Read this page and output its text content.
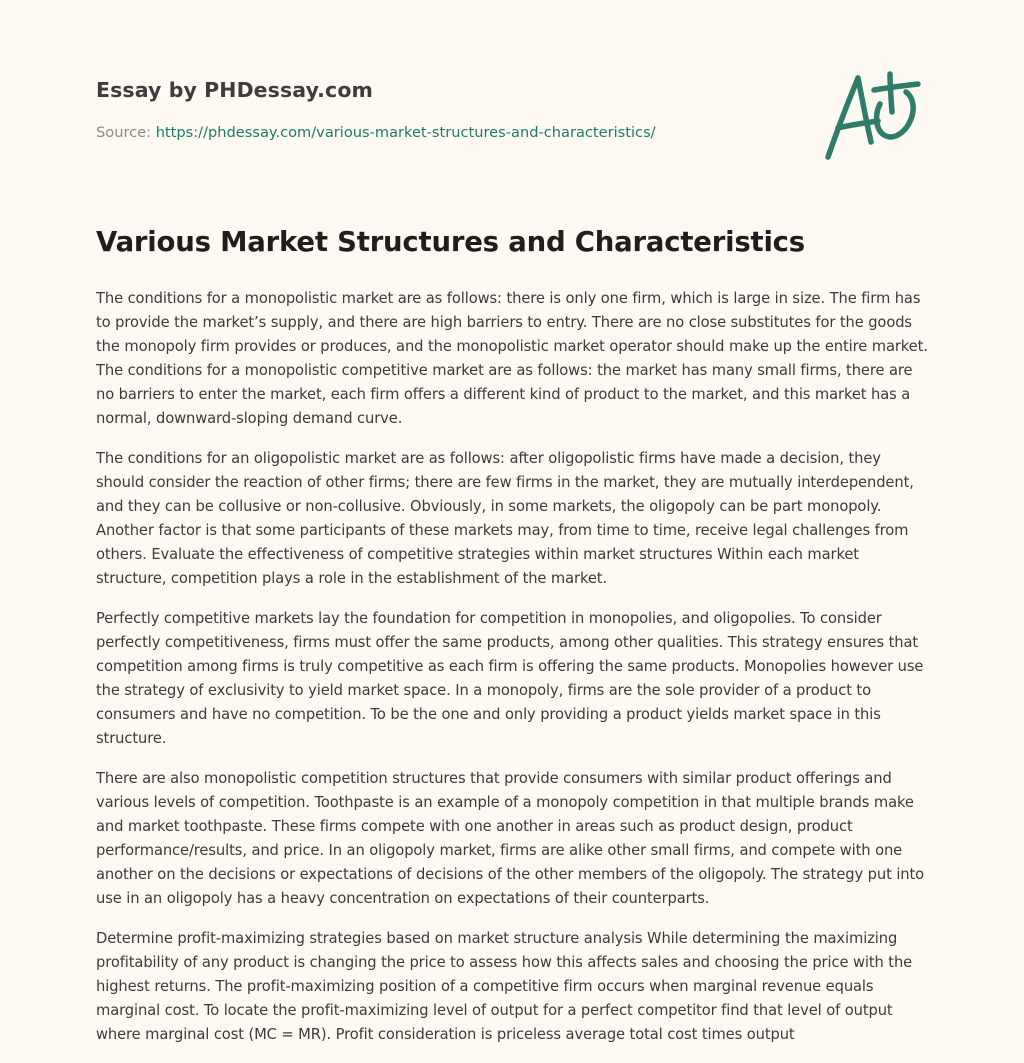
Essay by PHDessay.com
Source: https://phdessay.com/various-market-structures-and-characteristics/
Various Market Structures and Characteristics

The conditions for a monopolistic market are as follows: there is only one firm, which is large in size. The firm has to provide the market’s supply, and there are high barriers to entry. There are no close substitutes for the goods the monopoly firm provides or produces, and the monopolistic market operator should make up the entire market. The conditions for a monopolistic competitive market are as follows: the market has many small firms, there are no barriers to enter the market, each firm offers a different kind of product to the market, and this market has a normal, downward-sloping demand curve.

The conditions for an oligopolistic market are as follows: after oligopolistic firms have made a decision, they should consider the reaction of other firms; there are few firms in the market, they are mutually interdependent, and they can be collusive or non-collusive. Obviously, in some markets, the oligopoly can be part monopoly. Another factor is that some participants of these markets may, from time to time, receive legal challenges from others. Evaluate the effectiveness of competitive strategies within market structures Within each market structure, competition plays a role in the establishment of the market.

Perfectly competitive markets lay the foundation for competition in monopolies, and oligopolies. To consider perfectly competitiveness, firms must offer the same products, among other qualities. This strategy ensures that competition among firms is truly competitive as each firm is offering the same products. Monopolies however use the strategy of exclusivity to yield market space. In a monopoly, firms are the sole provider of a product to consumers and have no competition. To be the one and only providing a product yields market space in this structure.

There are also monopolistic competition structures that provide consumers with similar product offerings and various levels of competition. Toothpaste is an example of a monopoly competition in that multiple brands make and market toothpaste. These firms compete with one another in areas such as product design, product performance/results, and price. In an oligopoly market, firms are alike other small firms, and compete with one another on the decisions or expectations of decisions of the other members of the oligopoly. The strategy put into use in an oligopoly has a heavy concentration on expectations of their counterparts.

Determine profit-maximizing strategies based on market structure analysis While determining the maximizing profitability of any product is changing the price to assess how this affects sales and choosing the price with the highest returns. The profit-maximizing position of a competitive firm occurs when marginal revenue equals marginal cost. To locate the profit-maximizing level of output for a perfect competitor find that level of output where marginal cost (MC = MR). Profit consideration is priceless average total cost times output
